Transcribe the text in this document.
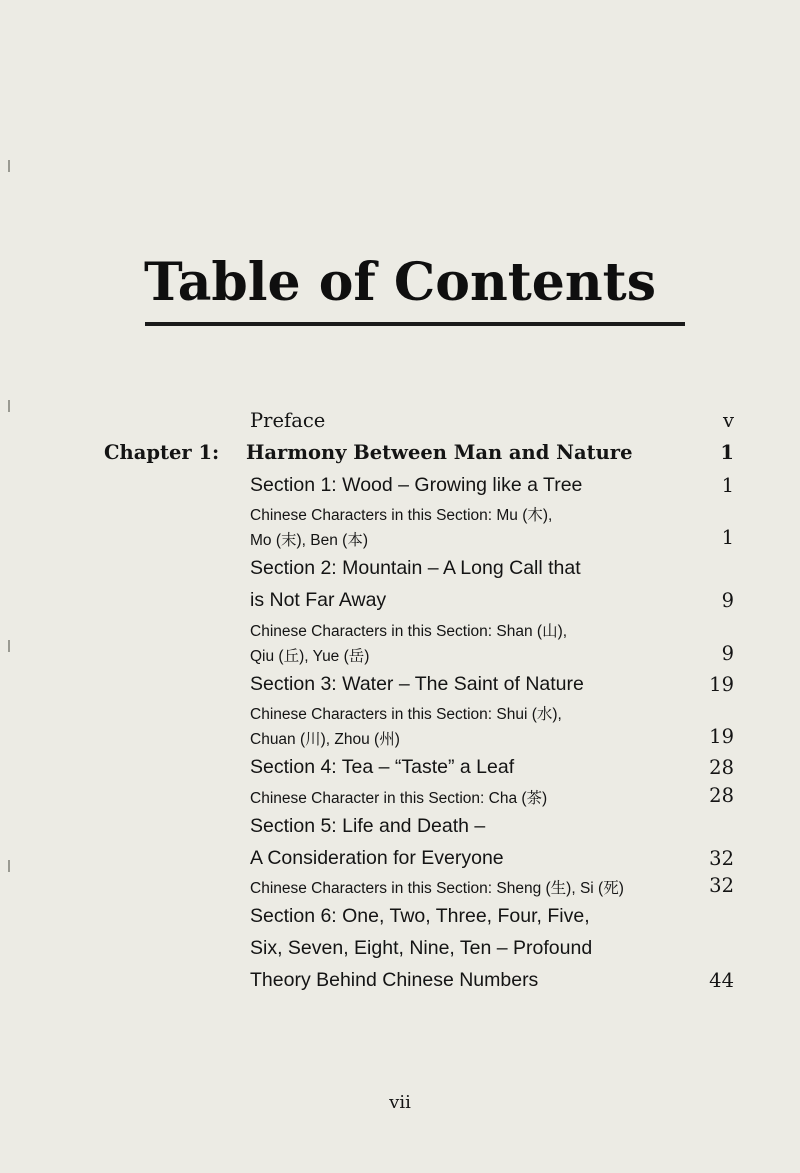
Table of Contents
Preface	v
Chapter 1: Harmony Between Man and Nature	1
Section 1: Wood – Growing like a Tree	1
Chinese Characters in this Section: Mu (木),
Mo (末), Ben (本)	1
Section 2: Mountain – A Long Call that
is Not Far Away	9
Chinese Characters in this Section: Shan (山),
Qiu (丘), Yue (岳)	9
Section 3: Water – The Saint of Nature	19
Chinese Characters in this Section: Shui (水),
Chuan (川), Zhou (州)	19
Section 4: Tea – “Taste” a Leaf	28
Chinese Character in this Section: Cha (茶)	28
Section 5: Life and Death –
A Consideration for Everyone	32
Chinese Characters in this Section: Sheng (生), Si (死)	32
Section 6: One, Two, Three, Four, Five,
Six, Seven, Eight, Nine, Ten – Profound
Theory Behind Chinese Numbers	44
vii
